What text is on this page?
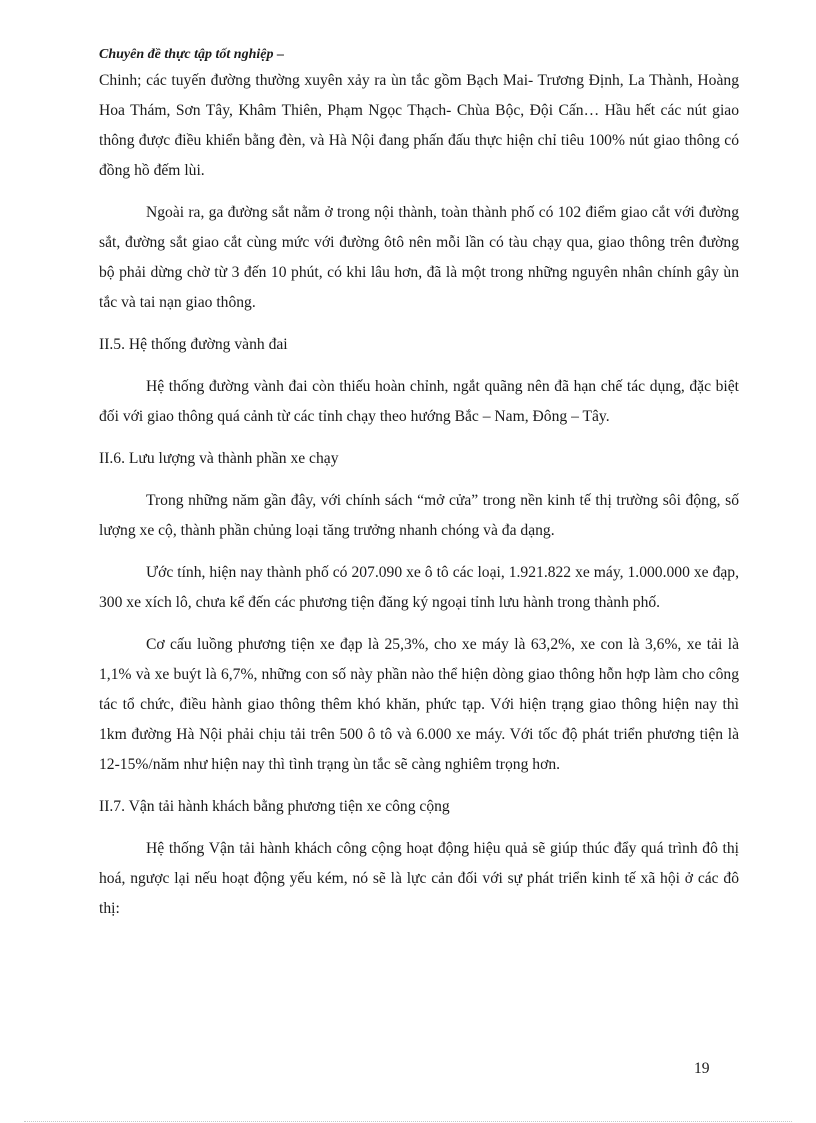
Chuyên đề thực tập tốt nghiệp –

Chinh; các tuyến đường thường xuyên xảy ra ùn tắc gồm Bạch Mai- Trương Định, La Thành, Hoàng Hoa Thám, Sơn Tây, Khâm Thiên, Phạm Ngọc Thạch- Chùa Bộc, Đội Cấn… Hầu hết các nút giao thông được điều khiển bằng đèn, và Hà Nội đang phấn đấu thực hiện chỉ tiêu 100% nút giao thông có đồng hồ đếm lùi.

Ngoài ra, ga đường sắt nằm ở trong nội thành, toàn thành phố có 102 điểm giao cắt với đường sắt, đường sắt giao cắt cùng mức với đường ôtô nên mỗi lần có tàu chạy qua, giao thông trên đường bộ phải dừng chờ từ 3 đến 10 phút, có khi lâu hơn, đã là một trong những nguyên nhân chính gây ùn tắc và tai nạn giao thông.

II.5. Hệ thống đường vành đai

Hệ thống đường vành đai còn thiếu hoàn chỉnh, ngắt quãng nên đã hạn chế tác dụng, đặc biệt đối với giao thông quá cảnh từ các tỉnh chạy theo hướng Bắc – Nam, Đông – Tây.

II.6. Lưu lượng và thành phần xe chạy

Trong những năm gần đây, với chính sách “mở cửa” trong nền kinh tế thị trường sôi động, số lượng xe cộ, thành phần chủng loại tăng trưởng nhanh chóng và đa dạng.

Ước tính, hiện nay thành phố có 207.090 xe ô tô các loại, 1.921.822 xe máy, 1.000.000 xe đạp, 300 xe xích lô, chưa kể đến các phương tiện đăng ký ngoại tỉnh lưu hành trong thành phố.

Cơ cấu luồng phương tiện xe đạp là 25,3%, cho xe máy là 63,2%, xe con là 3,6%, xe tải là 1,1% và xe buýt là 6,7%, những con số này phần nào thể hiện dòng giao thông hỗn hợp làm cho công tác tổ chức, điều hành giao thông thêm khó khăn, phức tạp. Với hiện trạng giao thông hiện nay thì 1km đường Hà Nội phải chịu tải trên 500 ô tô và 6.000 xe máy. Với tốc độ phát triển phương tiện là 12-15%/năm như hiện nay thì tình trạng ùn tắc sẽ càng nghiêm trọng hơn.

II.7. Vận tải hành khách bằng phương tiện xe công cộng

Hệ thống Vận tải hành khách công cộng hoạt động hiệu quả sẽ giúp thúc đẩy quá trình đô thị hoá, ngược lại nếu hoạt động yếu kém, nó sẽ là lực cản đối với sự phát triển kinh tế xã hội ở các đô thị:

19
